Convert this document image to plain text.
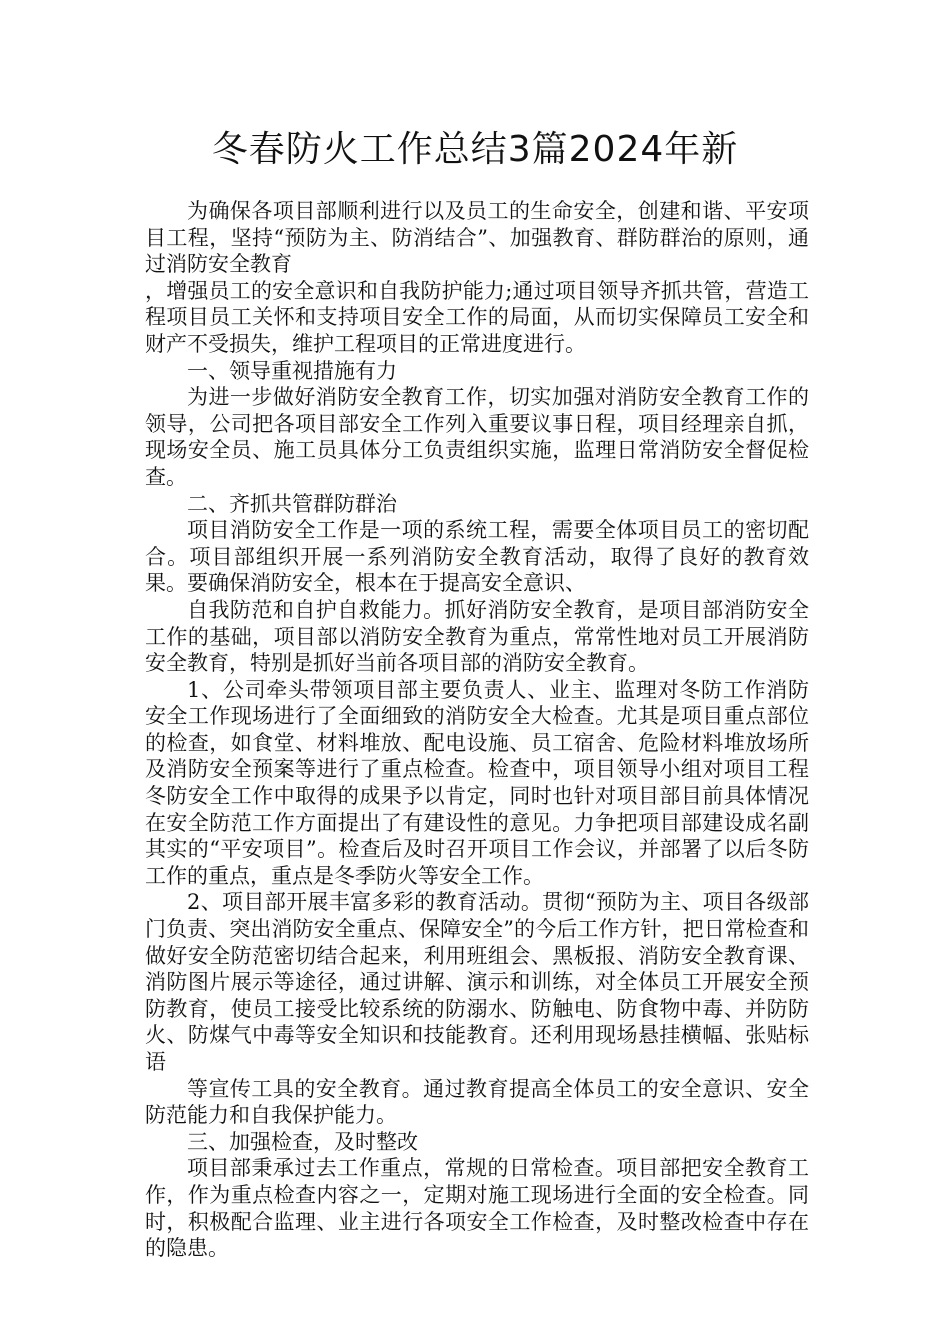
冬春防火工作总结3篇2024年新

为确保各项目部顺利进行以及员工的生命安全，创建和谐、平安项目工程，坚持“预防为主、防消结合”、加强教育、群防群治的原则，通过消防安全教育

，增强员工的安全意识和自我防护能力;通过项目领导齐抓共管，营造工程项目员工关怀和支持项目安全工作的局面，从而切实保障员工安全和财产不受损失，维护工程项目的正常进度进行。

一、领导重视措施有力

为进一步做好消防安全教育工作，切实加强对消防安全教育工作的领导，公司把各项目部安全工作列入重要议事日程，项目经理亲自抓，现场安全员、施工员具体分工负责组织实施，监理日常消防安全督促检查。

二、齐抓共管群防群治

项目消防安全工作是一项的系统工程，需要全体项目员工的密切配合。项目部组织开展一系列消防安全教育活动，取得了良好的教育效果。要确保消防安全，根本在于提高安全意识、

自我防范和自护自救能力。抓好消防安全教育，是项目部消防安全工作的基础，项目部以消防安全教育为重点，常常性地对员工开展消防安全教育，特别是抓好当前各项目部的消防安全教育。

1、公司牵头带领项目部主要负责人、业主、监理对冬防工作消防安全工作现场进行了全面细致的消防安全大检查。尤其是项目重点部位的检查，如食堂、材料堆放、配电设施、员工宿舍、危险材料堆放场所及消防安全预案等进行了重点检查。检查中，项目领导小组对项目工程冬防安全工作中取得的成果予以肯定，同时也针对项目部目前具体情况在安全防范工作方面提出了有建设性的意见。力争把项目部建设成名副其实的“平安项目”。检查后及时召开项目工作会议，并部署了以后冬防工作的重点，重点是冬季防火等安全工作。

2、项目部开展丰富多彩的教育活动。贯彻“预防为主、项目各级部门负责、突出消防安全重点、保障安全”的今后工作方针，把日常检查和做好安全防范密切结合起来，利用班组会、黑板报、消防安全教育课、消防图片展示等途径，通过讲解、演示和训练，对全体员工开展安全预防教育，使员工接受比较系统的防溺水、防触电、防食物中毒、并防防火、防煤气中毒等安全知识和技能教育。还利用现场悬挂横幅、张贴标语

等宣传工具的安全教育。通过教育提高全体员工的安全意识、安全防范能力和自我保护能力。

三、加强检查，及时整改

项目部秉承过去工作重点，常规的日常检查。项目部把安全教育工作，作为重点检查内容之一，定期对施工现场进行全面的安全检查。同时，积极配合监理、业主进行各项安全工作检查，及时整改检查中存在的隐患。
